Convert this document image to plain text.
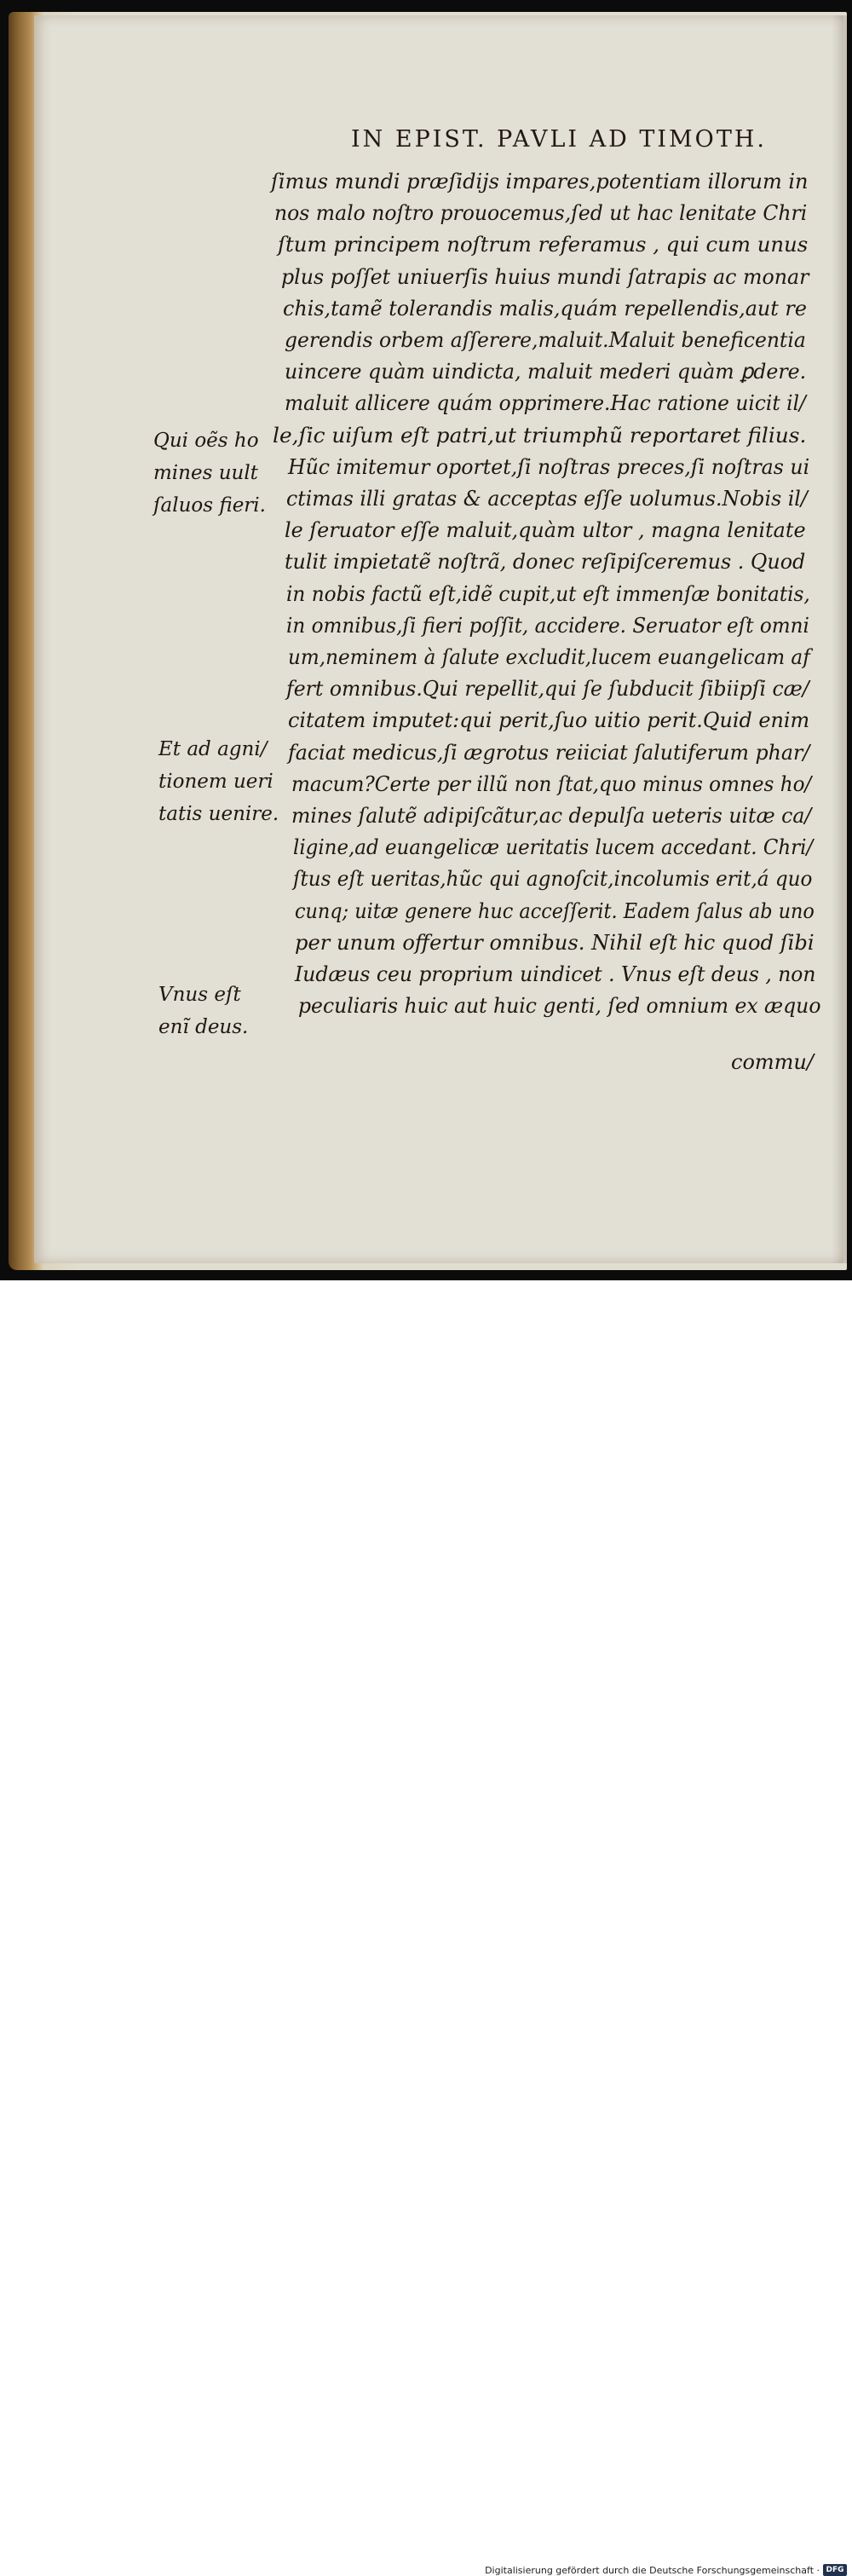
IN EPIST. PAVLI AD TIMOTH.
ſimus mundi præſidijs impares,potentiam illorum in
nos malo noſtro prouocemus,ſed ut hac lenitate Chri
ſtum principem noſtrum referamus , qui cum unus
plus poſſet uniuerſis huius mundi ſatrapis ac monar
chis,tamẽ tolerandis malis,quám repellendis,aut re
gerendis orbem aſſerere,maluit.Maluit beneficentia
uincere quàm uindicta, maluit mederi quàm ꝑdere.
maluit allicere quám opprimere.Hac ratione uicit il/
le,ſic uiſum eſt patri,ut triumphũ reportaret filius.
Hũc imitemur oportet,ſi noſtras preces,ſi noſtras ui
ctimas illi gratas & acceptas eſſe uolumus.Nobis il/
le ſeruator eſſe maluit,quàm ultor , magna lenitate
tulit impietatẽ noſtrã, donec reſipiſceremus . Quod
in nobis factũ eſt,idẽ cupit,ut eſt immenſæ bonitatis,
in omnibus,ſi fieri poſſit, accidere. Seruator eſt omni
um,neminem à ſalute excludit,lucem euangelicam af
fert omnibus.Qui repellit,qui ſe ſubducit ſibiipſi cæ/
citatem imputet:qui perit,ſuo uitio perit.Quid enim
faciat medicus,ſi ægrotus reiiciat ſalutiferum phar/
macum?Certe per illũ non ſtat,quo minus omnes ho/
mines ſalutẽ adipiſcãtur,ac depulſa ueteris uitæ ca/
ligine,ad euangelicæ ueritatis lucem accedant. Chri/
ſtus eſt ueritas,hũc qui agnoſcit,incolumis erit,á quo
cunq; uitæ genere huc acceſſerit. Eadem ſalus ab uno
per unum offertur omnibus. Nihil eſt hic quod ſibi
Iudæus ceu proprium uindicet . Vnus eſt deus , non
peculiaris huic aut huic genti, ſed omnium ex æquo
Qui oẽs ho
mines uult
ſaluos fieri.
Et ad agni/
tionem ueri
tatis uenire.
Vnus eſt
enĩ deus.
commu/
Digitalisierung gefördert durch die Deutsche Forschungsgemeinschaft · DFG
